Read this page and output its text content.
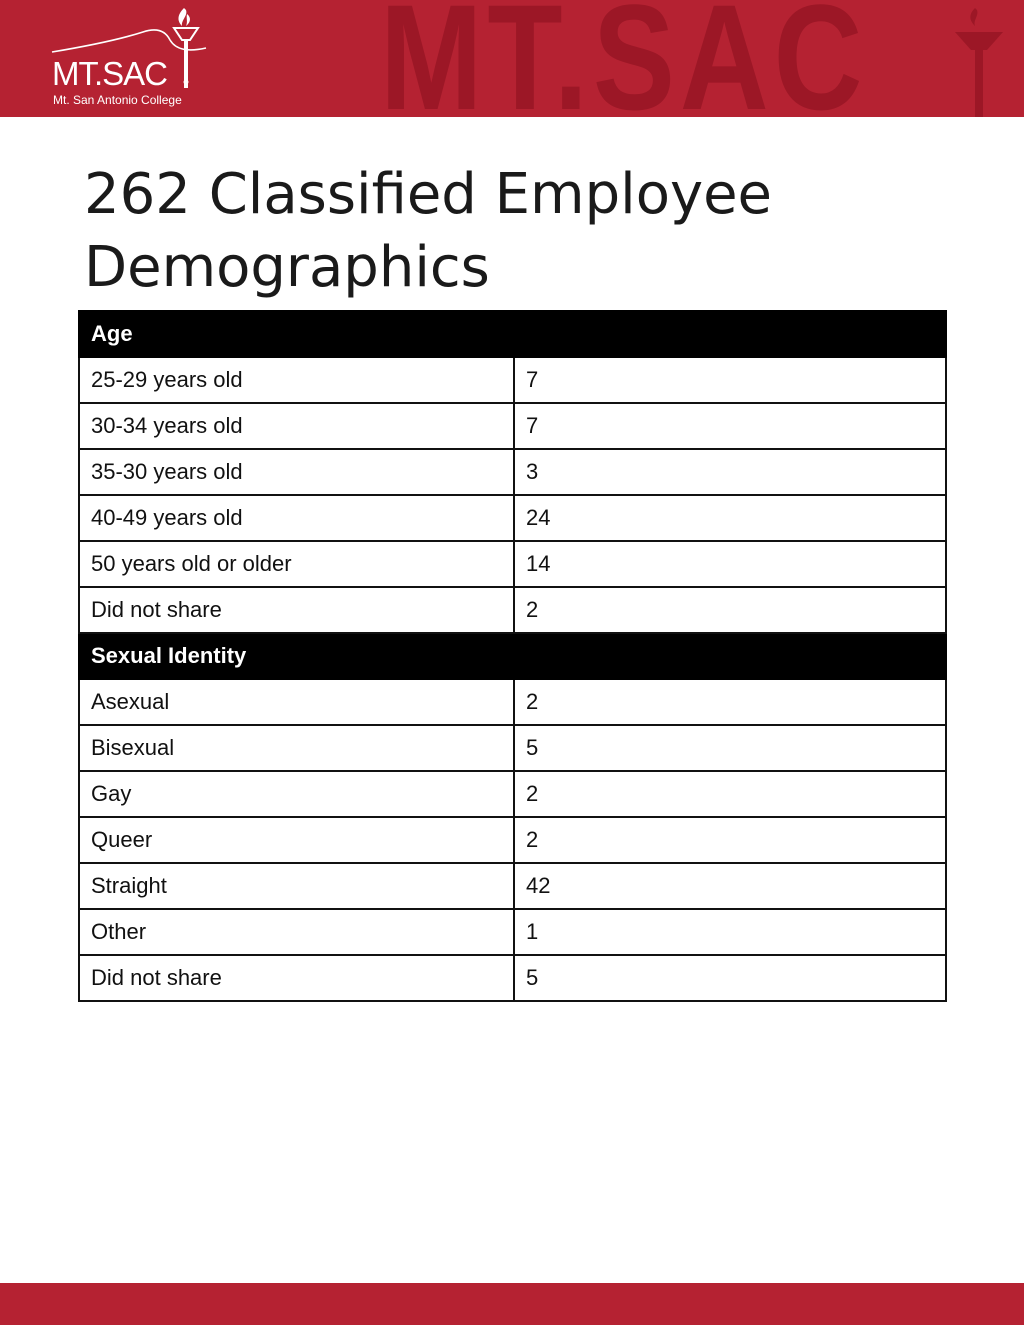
MT.SAC
MT.SAC
Mt. San Antonio College
262 Classified Employee Demographics
Age	
25-29 years old	7
30-34 years old	7
35-30 years old	3
40-49 years old	24
50 years old or older	14
Did not share	2
Sexual Identity	
Asexual	2
Bisexual	5
Gay	2
Queer	2
Straight	42
Other	1
Did not share	5
